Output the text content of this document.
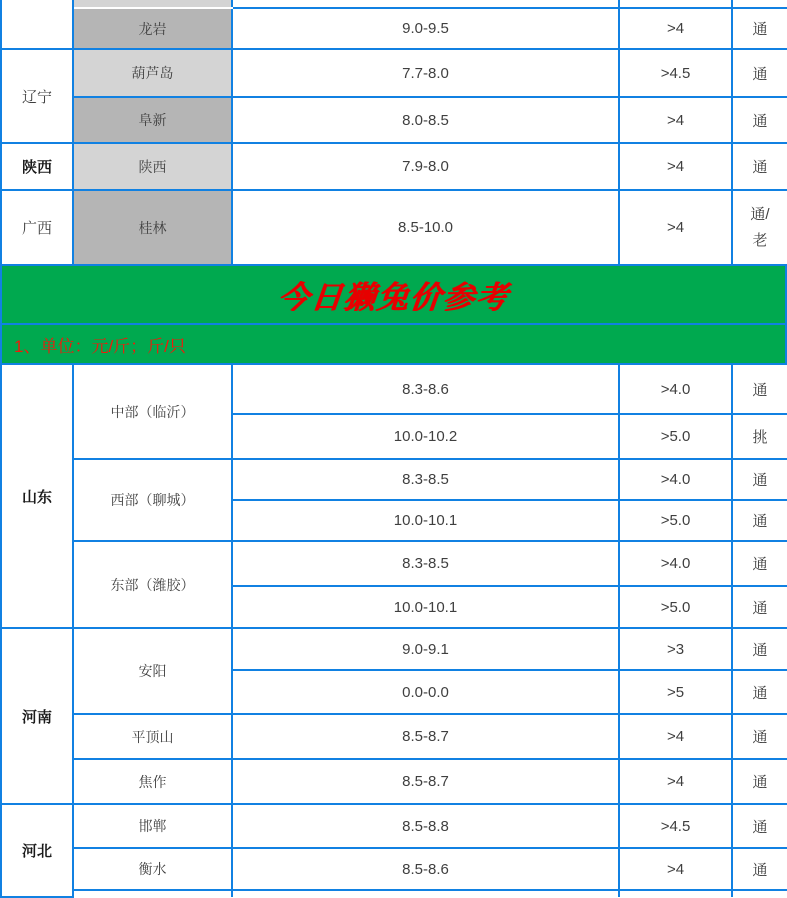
	龙岩	9.0-9.5	>4	通
辽宁	葫芦岛	7.7-8.0	>4.5	通
	阜新	8.0-8.5	>4	通
陕西	陕西	7.9-8.0	>4	通
广西	桂林	8.5-10.0	>4	通/
老
今日獭兔价参考
1、单位：元/斤；斤/只
山东	中部（临沂）	8.3-8.6	>4.0	通
		10.0-10.2	>5.0	挑
	西部（聊城）	8.3-8.5	>4.0	通
		10.0-10.1	>5.0	通
	东部（潍胶）	8.3-8.5	>4.0	通
		10.0-10.1	>5.0	通
河南	安阳	9.0-9.1	>3	通
		0.0-0.0	>5	通
	平顶山	8.5-8.7	>4	通
	焦作	8.5-8.7	>4	通
河北	邯郸	8.5-8.8	>4.5	通
	衡水	8.5-8.6	>4	通
